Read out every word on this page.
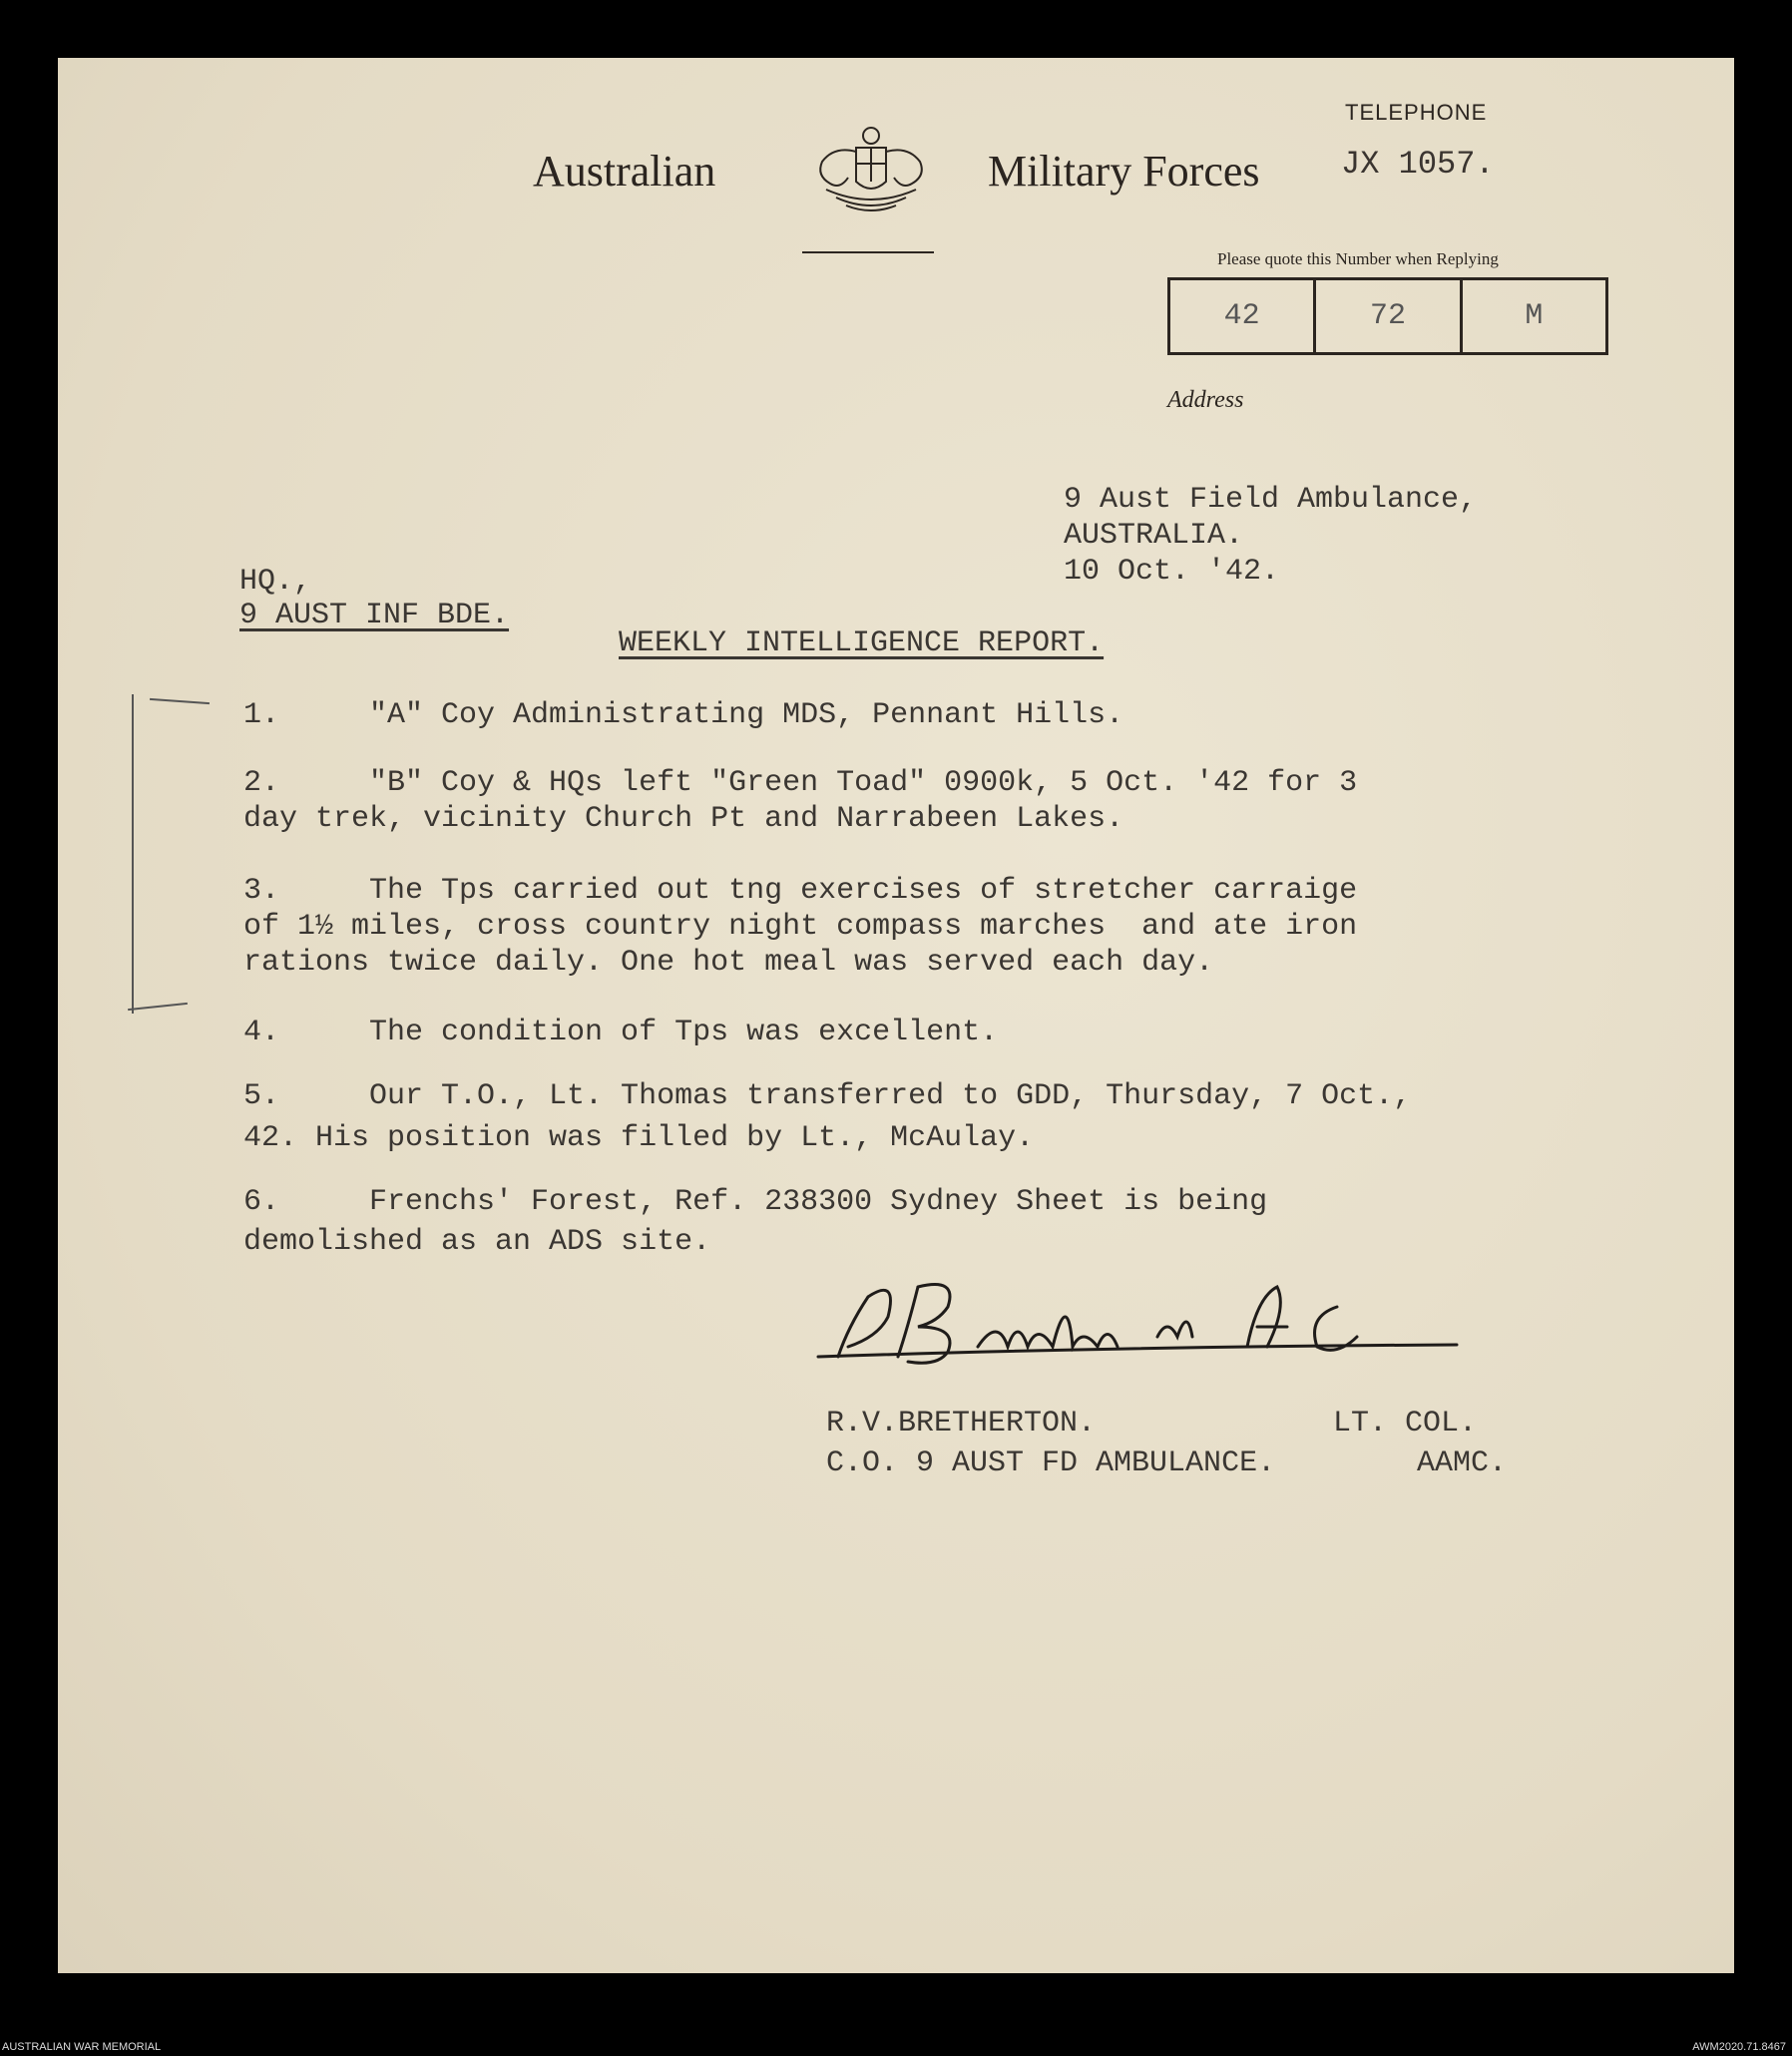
Australian	Military Forces
TELEPHONE
JX 1057.
Please quote this Number when Replying
42	72	M
Address
9 Aust Field Ambulance,
AUSTRALIA.
10 Oct. '42.
HQ.,
9 AUST INF BDE.
WEEKLY INTELLIGENCE REPORT.
1.     "A" Coy Administrating MDS, Pennant Hills.
2.     "B" Coy & HQs left "Green Toad" 0900k, 5 Oct. '42 for 3
day trek, vicinity Church Pt and Narrabeen Lakes.
3.     The Tps carried out tng exercises of stretcher carraige
of 1½ miles, cross country night compass marches  and ate iron
rations twice daily. One hot meal was served each day.
4.     The condition of Tps was excellent.
5.     Our T.O., Lt. Thomas transferred to GDD, Thursday, 7 Oct.,
42. His position was filled by Lt., McAulay.
6.     Frenchs' Forest, Ref. 238300 Sydney Sheet is being
demolished as an ADS site.
R.V.BRETHERTON.	LT. COL.
C.O. 9 AUST FD AMBULANCE.	AAMC.
AUSTRALIAN WAR MEMORIAL	AWM2020.71.8467
